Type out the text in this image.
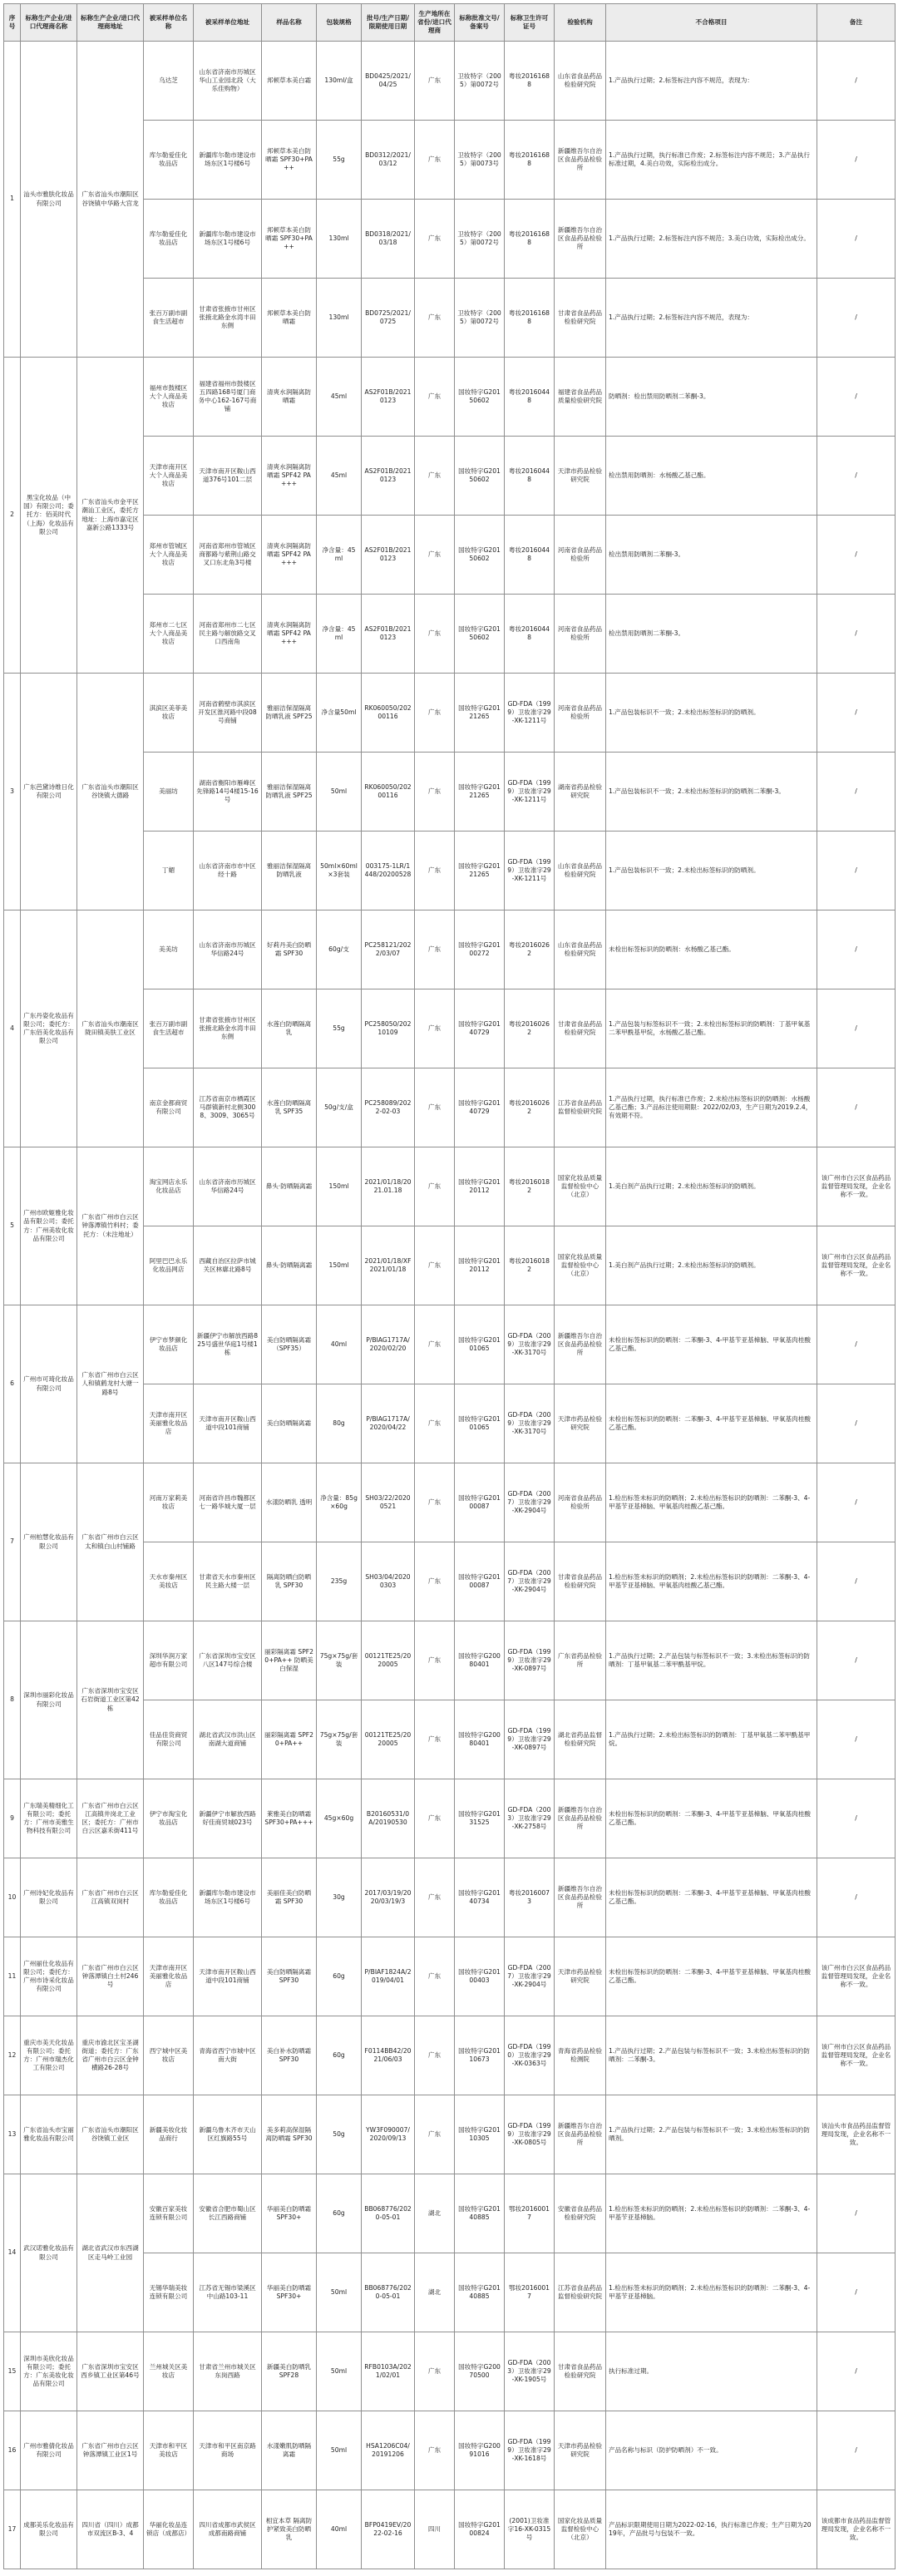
序号	标称生产企业/进口代理商名称	标称生产企业/进口代理商地址	被采样单位名称	被采样单位地址	样品名称	包装规格	批号/生产日期/限期使用日期	生产地所在省份/进口代理商	标称批准文号/备案号	标称卫生许可证号	检验机构	不合格项目	备注
1	汕头市雅肤化妆品有限公司	广东省汕头市潮阳区谷饶镇中华路大宫龙	乌达芝	山东省济南市历城区华山工业园北段（大乐佳购物）	邦顿草本美白霜	130ml/盒	BD0425/2021/04/25	广东	卫妆特字（2005）第0072号	粤妆20161688	山东省食品药品检验研究院	1.产品执行过期；2.标签标注内容不规范，表现为：	/
			库尔勒爱佳化妆品店	新疆库尔勒市建设市场东区1号楼6号	邦顿草本美白防晒霜 SPF30+PA++	55g	BD0312/2021/03/12	广东	卫妆特字（2005）第0073号	粤妆20161688	新疆维吾尔自治区食品药品检验所	1.产品执行过期，执行标准已作废；2.标签标注内容不规范；3.产品执行标准过期，4.美白功效，实际检出成分。	/
			库尔勒爱佳化妆品店	新疆库尔勒市建设市场东区1号楼6号	邦顿草本美白防晒霜 SPF30+PA++	130ml	BD0318/2021/03/18	广东	卫妆特字（2005）第0072号	粤妆20161688	新疆维吾尔自治区食品药品检验所	1.产品执行过期；2.标签标注内容不规范；3.美白功效，实际检出成分。	/
			张百万副市副食生活超市	甘肃省张掖市甘州区张掖北路金水湾丰田东侧	邦顿草本美白防晒霜	130ml	BD0725/2021/0725	广东	卫妆特字（2005）第0072号	粤妆20161688	甘肃省食品药品检验研究院	1.产品执行过期；2.标签标注内容不规范，表现为：	/
2	黑宝化妆品（中国）有限公司；委托方：佰美时代（上海）化妆品有限公司	广东省汕头市金平区潮汕工业区，委托方地址：上海市嘉定区嘉新公路1333号	福州市鼓楼区大个人商品美妆店	福建省福州市鼓楼区五四路168号厦门商务中心162-167号商铺	清爽水润隔离防晒霜	45ml	AS2F01B/20210123	广东	国妆特字G20150602	粤妆20160448	福建省食品药品质量检验研究院	防晒剂：检出禁用防晒剂二苯酮-3。	/
			天津市南开区大个人商品美妆店	天津市南开区鞍山西道376号101二层	清爽水润隔离防晒霜 SPF42 PA+++	45ml	AS2F01B/20210123	广东	国妆特字G20150602	粤妆20160448	天津市药品检验研究院	检出禁用防晒剂：水杨酸乙基己酯。	/
			郑州市管城区大个人商品美妆店	河南省郑州市管城区商都路与紫荆山路交叉口东北角3号楼	清爽水润隔离防晒霜 SPF42 PA+++	净含量：45ml	AS2F01B/20210123	广东	国妆特字G20150602	粤妆20160448	河南省食品药品检验所	检出禁用防晒剂二苯酮-3。	/
			郑州市二七区大个人商品美妆店	河南省郑州市二七区民主路与解放路交叉口西南角	清爽水润隔离防晒霜 SPF42 PA+++	净含量：45ml	AS2F01B/20210123	广东	国妆特字G20150602	粤妆20160448	河南省食品药品检验所	检出禁用防晒剂二苯酮-3。	/
3	广东芭黛诗维日化有限公司	广东省汕头市潮阳区谷饶镇大德路	淇滨区美菲美妆店	河南省鹤壁市淇滨区开发区淮河路中段08号商铺	雅丽洁保湿隔离防晒乳液 SPF25	净含量50ml	RK060050/20200116	广东	国妆特字G20121265	GD-FDA（1999）卫妆准字29-XK-1211号	河南省食品药品检验所	1.产品包装标识不一致；2.未检出标签标识的防晒剂。	/
			美丽坊	湖南省衡阳市雁峰区先锋路14号4楼15-16号	雅丽洁保湿隔离防晒乳液 SPF25	50ml	RK060050/20200116	广东	国妆特字G20121265	GD-FDA（1999）卫妆准字29-XK-1211号	湖南省药品检验研究院	1.产品包装标识不一致；2.未检出标签标识的防晒剂二苯酮-3。	/
			丁媚	山东省济南市市中区经十路	雅丽洁保湿隔离防晒乳液	50ml×60ml×3套装	003175-1LR/1448/20200528	广东	国妆特字G20121265	GD-FDA（1999）卫妆准字29-XK-1211号	山东省食品药品检验研究院	1.产品包装标识不一致；2.未检出标签标识的防晒剂。	/
4	广东丹姿化妆品有限公司；委托方：广东佰美化妆品有限公司	广东省汕头市潮南区陇田镇美肤工业区	美美坊	山东省济南市历城区华信路24号	好莉丹美白防晒霜 SPF30	60g/支	PC258121/2022/03/07	广东	国妆特字G20100272	粤妆20160262	山东省食品药品检验研究院	未检出标签标识的防晒剂：水杨酸乙基己酯。	/
			张百万副市副食生活超市	甘肃省张掖市甘州区张掖北路金水湾丰田东侧	水莲白防晒隔离乳	55g	PC258050/20210109	广东	国妆特字G20140729	粤妆20160262	甘肃省食品药品检验研究院	1.产品包装与标签标识不一致；2.未检出标签标识的防晒剂：丁基甲氧基二苯甲酰基甲烷，水杨酸乙基己酯。	/
			南京金都商贸有限公司	江苏省南京市栖霞区马群镇新村北侧3008、3009、3065号	水莲白防晒隔离乳 SPF35	50g/支/盒	PC258089/2022-02-03	广东	国妆特字G20140729	粤妆20160262	江苏省食品药品监督检验研究院	1.产品执行过期，执行标准已作废；2.未检出标签标识的防晒剂：水杨酸乙基己酯；3.产品标注使用期限：2022/02/03，生产日期为2019.2.4，有效期不符。	/
5	广州市欧姬雅化妆品有限公司；委托方：广州美妆化妆品有限公司	广东省广州市白云区钟落潭镇竹料村；委托方：（未注地址）	淘宝网店永乐化妆品店	山东省济南市历城区华信路24号	鼻头·防晒隔离霜	150ml	2021/01/18/2021.01.18	广东	国妆特字G20120112	粤妆20160182	国家化妆品质量监督检验中心（北京）	1.美白剂产品执行过期；2.未检出标签标识的防晒剂。	该广州市白云区食品药品监督管理局发现，企业名称不一致。
			阿里巴巴永乐化妆品网店	西藏自治区拉萨市城关区林廓北路8号	鼻头·防晒隔离霜	150ml	2021/01/18/XF2021/01/18	广东	国妆特字G20120112	粤妆20160182	国家化妆品质量监督检验中心（北京）	1.美白剂产品执行过期；2.未检出标签标识的防晒剂。	该广州市白云区食品药品监督管理局发现，企业名称不一致。
6	广州市可琦化妆品有限公司	广东省广州市白云区人和镇鹤龙村大塘一路8号	伊宁市梦颜化妆品店	新疆伊宁市解放西路825号盛世华庭1号楼1栋	美白防晒隔离霜（SPF35）	40ml	P/BIAG1717A/2020/02/20	广东	国妆特字G20101065	GD-FDA（2009）卫妆准字29-XK-3170号	新疆维吾尔自治区食品药品检验所	未检出标签标识的防晒剂：二苯酮-3、4-甲基苄亚基樟脑、甲氧基肉桂酸乙基己酯。	/
			天津市南开区美丽雅化妆品店	天津市南开区鞍山西道中段101商铺	美白防晒隔离霜	80g	P/BIAG1717A/2020/04/22	广东	国妆特字G20101065	GD-FDA（2009）卫妆准字29-XK-3170号	天津市药品检验研究院	未检出标签标识的防晒剂：二苯酮-3、4-甲基苄亚基樟脑、甲氧基肉桂酸乙基己酯。	/
7	广州柏慧化妆品有限公司	广东省广州市白云区太和镇白山村铺路	河南万家莉美妆店	河南省许昌市魏都区七一路华城大厦一层	水漾防晒乳 透明	净含量：85g×60g	SH03/22/20200521	广东	国妆特字G20100087	GD-FDA（2007）卫妆准字29-XK-2904号	河南省食品药品检验所	1.检出标签未标识的防晒剂；2.未检出标签标识的防晒剂：二苯酮-3、4-甲基苄亚基樟脑、甲氧基肉桂酸乙基己酯。	/
			天水市秦州区美妆店	甘肃省天水市秦州区民主路大楼一层	隔离防晒白防晒乳 SPF30	235g	SH03/04/20200303	广东	国妆特字G20100087	GD-FDA（2007）卫妆准字29-XK-2904号	甘肃省食品药品检验研究院	1.检出标签未标识的防晒剂；2.未检出标签标识的防晒剂：二苯酮-3、4-甲基苄亚基樟脑、甲氧基肉桂酸乙基己酯。	/
8	深圳市丽彩化妆品有限公司	广东省深圳市宝安区石岩街道工业区第42栋	深圳华润万家超市有限公司	广东省深圳市宝安区八区147号综合楼	丽彩隔离霜 SPF20+PA++ 防晒美白保湿	75g×75g/套装	00121TE25/2020005	广东	国妆特字G20080401	GD-FDA（1999）卫妆准字29-XK-0897号	广东省药品检验所	1.产品执行过期；2.产品包装与标签标识不一致；3.未检出标签标识的防晒剂：丁基甲氧基二苯甲酰基甲烷。	/
			佳品佳货商贸有限公司	湖北省武汉市洪山区南湖大道商铺	丽彩隔离霜 SPF20+PA++	75g×75g/套装	00121TE25/2020005	广东	国妆特字G20080401	GD-FDA（1999）卫妆准字29-XK-0897号	湖北省药品监督检验研究院	1.产品执行过期；2.未检出标签标识的防晒剂：丁基甲氧基二苯甲酰基甲烷。	/
9	广东瑞美精细化工有限公司；委托方：广州市美雅生物科技有限公司	广东省广州市白云区江高镇井岗北工业区；委托方：广州市白云区嘉禾街411号	伊宁市淘宝化妆品店	新疆伊宁市解放西路好佳商贸城023号	莱雅美白防晒霜 SPF30+PA+++	45g×60g	B20160531/0A/20190530	广东	国妆特字G20131525	GD-FDA（2003）卫妆准字29-XK-2758号	新疆维吾尔自治区食品药品检验所	未检出标签标识的防晒剂：二苯酮-3、4-甲基苄亚基樟脑、甲氧基肉桂酸乙基己酯。	/
10	广州诗妃化妆品有限公司	广东省广州市白云区江高镇双岗村	库尔勒爱佳化妆品店	新疆库尔勒市建设市场东区1号楼6号	美丽佳美白防晒霜 SPF30	30g	2017/03/19/2020/03/19/3	广东	国妆特字G20140734	粤妆20160073	新疆维吾尔自治区食品药品检验所	未检出标签标识的防晒剂：二苯酮-3、4-甲基苄亚基樟脑、甲氧基肉桂酸乙基己酯。	/
11	广州丽仕化妆品有限公司；委托方：广州市诗采化妆品有限公司	广东省广州市白云区钟落潭镇白土村246号	天津市南开区美丽雅化妆品店	天津市南开区鞍山西道中段101商铺	美白防晒隔离霜 SPF30	60g	P/BIAF1824A/2019/04/01	广东	国妆特字G20100403	GD-FDA（2007）卫妆准字29-XK-2904号	天津市药品检验研究院	未检出标签标识的防晒剂：二苯酮-3、4-甲基苄亚基樟脑、甲氧基肉桂酸乙基己酯。	该广州市白云区食品药品监督管理局发现，企业名称不一致。
12	重庆市美天化妆品有限公司；委托方：广州市瑞杰化工有限公司	重庆市渝北区宝圣湖街道；委托方：广东省广州市白云区金钟横路26-28号	西宁城中区美妆店	青海省西宁市城中区南大街	美白补水防晒霜 SPF30	60g	F0114BB42/2021/06/03	广东	国妆特字G20110673	GD-FDA（1990）卫妆准字29-XK-0363号	青海省药品检验检测院	1.产品执行过期；2.产品包装与标签标识不一致；3.未检出标签标识的防晒剂：二苯酮-3。	该广州市白云区食品药品监督管理局发现，企业名称不一致。
13	广东省汕头市宝丽雅化妆品有限公司	广东省汕头市潮阳区谷饶镇工业区	新疆美妆化妆品商行	新疆乌鲁木齐市天山区红旗路55号	美多莉高保湿隔离防晒霜 SPF30	50g	YW3F090007/2020/09/13	广东	国妆特字G20110305	GD-FDA（1999）卫妆准字29-XK-0805号	新疆维吾尔自治区食品药品检验所	1.产品执行过期；2.产品包装与标签标识不一致；3.未检出标签标识的防晒剂。	该汕头市食品药品监督管理局发现，企业名称不一致。
14	武汉诺雅化妆品有限公司	湖北省武汉市东西湖区走马岭工业园	安徽百家美妆连锁有限公司	安徽省合肥市蜀山区长江西路商铺	华丽美白防晒霜 SPF30+	60g	BB068776/2020-05-01	湖北	国妆特字G20140885	鄂妆20160017	安徽省食品药品检验研究院	1.检出标签未标识的防晒剂；2.未检出标签标识的防晒剂：二苯酮-3、4-甲基苄亚基樟脑。	/
			无锡华瑞美妆连锁有限公司	江苏省无锡市梁溪区中山路103-11	华丽美白防晒霜 SPF30+	50ml	BB068776/2020-05-01	湖北	国妆特字G20140885	鄂妆20160017	江苏省食品药品监督检验研究院	1.检出标签未标识的防晒剂；2.未检出标签标识的防晒剂：二苯酮-3、4-甲基苄亚基樟脑。	/
15	深圳市美欣化妆品有限公司；委托方：广东美妆化妆品有限公司	广东省深圳市宝安区西乡镇工业区第46号	兰州城关区美妆店	甘肃省兰州市城关区东岗西路	新疆美白防晒乳 SPF28	50ml	RFB0103A/2021/02/01	广东	国妆特字G20070500	GD-FDA（2003）卫妆准字29-XK-1905号	甘肃省食品药品检验研究院	执行标准过期。	/
16	广州市雅倩化妆品有限公司	广东省广州市白云区钟落潭镇工业区1号	天津市和平区美妆店	天津市和平区南京路商场	水漾嫩肌防晒隔离霜	50ml	HSA1206C04/20191206	广东	国妆特字G20091016	GD-FDA（1999）卫妆准字29-XK-1618号	天津市药品检验研究院	产品名称与标识（防护防晒剂）不一致。	/
17	成都美乐化妆品有限公司	四川省（四川）成都市双流区B-3、4	华丽化妆品连锁店（成都店）	四川省成都市武侯区成都南路商铺	相宜本草 隔离防护紧致美白防晒乳	40ml	BFP0419EV/2022-02-16	四川	国妆特字G20100824	(2001)卫妆准字16-XK-0315号	国家化妆品质量监督检验中心（北京）	产品标识限期使用日期为2022-02-16，执行标准已作废；生产日期为2019年，产品批号与包装不一致。	该成都市食品药品监督管理局发现，企业名称不一致。
